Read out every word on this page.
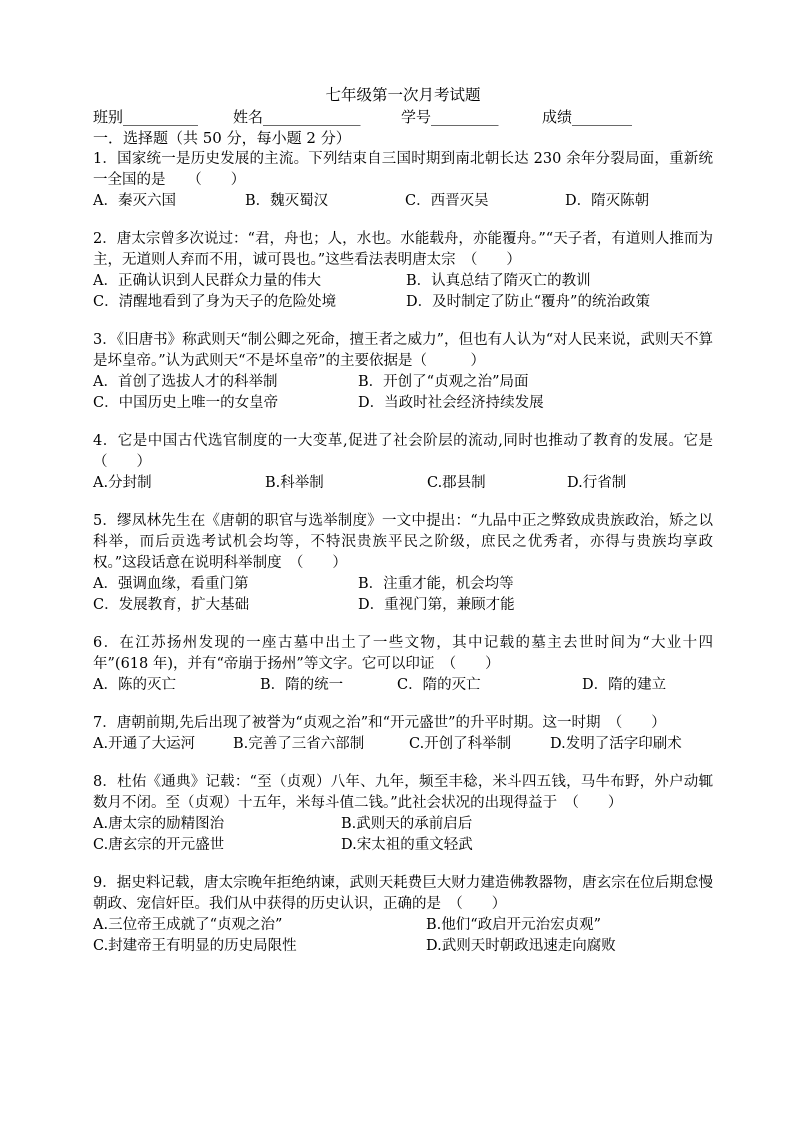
七年级第一次月考试题
班别__________	姓名_____________	学号_________	成绩________
一．选择题（共 50 分，每小题 2 分）
1．国家统一是历史发展的主流。下列结束自三国时期到南北朝长达 230 余年分裂局面，重新统一全国的是　　（　　）
A．秦灭六国	B．魏灭蜀汉	C．西晋灭吴	D．隋灭陈朝
2．唐太宗曾多次说过：“君，舟也；人，水也。水能载舟，亦能覆舟。”“天子者，有道则人推而为主，无道则人弃而不用，诚可畏也。”这些看法表明唐太宗　（　　）
A．正确认识到人民群众力量的伟大	B．认真总结了隋灭亡的教训
C．清醒地看到了身为天子的危险处境	D．及时制定了防止“覆舟”的统治政策
3．《旧唐书》称武则天“制公卿之死命，擅王者之威力”，但也有人认为“对人民来说，武则天不算是坏皇帝。”认为武则天“不是坏皇帝”的主要依据是（　　　）
A．首创了选拔人才的科举制	B．开创了“贞观之治”局面
C．中国历史上唯一的女皇帝	D．当政时社会经济持续发展
4．它是中国古代选官制度的一大变革,促进了社会阶层的流动,同时也推动了教育的发展。它是　（　　）
A.分封制	B.科举制	C.郡县制	D.行省制
5．缪凤林先生在《唐朝的职官与选举制度》一文中提出：“九品中正之弊致成贵族政治，矫之以科举，而后贡选考试机会均等，不特泯贵族平民之阶级，庶民之优秀者，亦得与贵族均享政权。”这段话意在说明科举制度　（　　）
A．强调血缘，看重门第	B．注重才能，机会均等
C．发展教育，扩大基础	D．重视门第，兼顾才能
6．在江苏扬州发现的一座古墓中出土了一些文物，其中记载的墓主去世时间为“大业十四年”(618 年)，并有“帝崩于扬州”等文字。它可以印证　（　　）
A．陈的灭亡	B．隋的统一	C．隋的灭亡	D．隋的建立
7．唐朝前期,先后出现了被誉为“贞观之治”和“开元盛世”的升平时期。这一时期　（　　）
A.开通了大运河	B.完善了三省六部制	C.开创了科举制	D.发明了活字印刷术
8．杜佑《通典》记载：“至（贞观）八年、九年，频至丰稔，米斗四五钱，马牛布野，外户动辄数月不闭。至（贞观）十五年，米每斗值二钱。”此社会状况的出现得益于　（　　）
A.唐太宗的励精图治	B.武则天的承前启后
C.唐玄宗的开元盛世	D.宋太祖的重文轻武
9．据史料记载，唐太宗晚年拒绝纳谏，武则天耗费巨大财力建造佛教器物，唐玄宗在位后期怠慢朝政、宠信奸臣。我们从中获得的历史认识，正确的是　（　　）
A.三位帝王成就了“贞观之治”	B.他们“政启开元治宏贞观”
C.封建帝王有明显的历史局限性	D.武则天时朝政迅速走向腐败
